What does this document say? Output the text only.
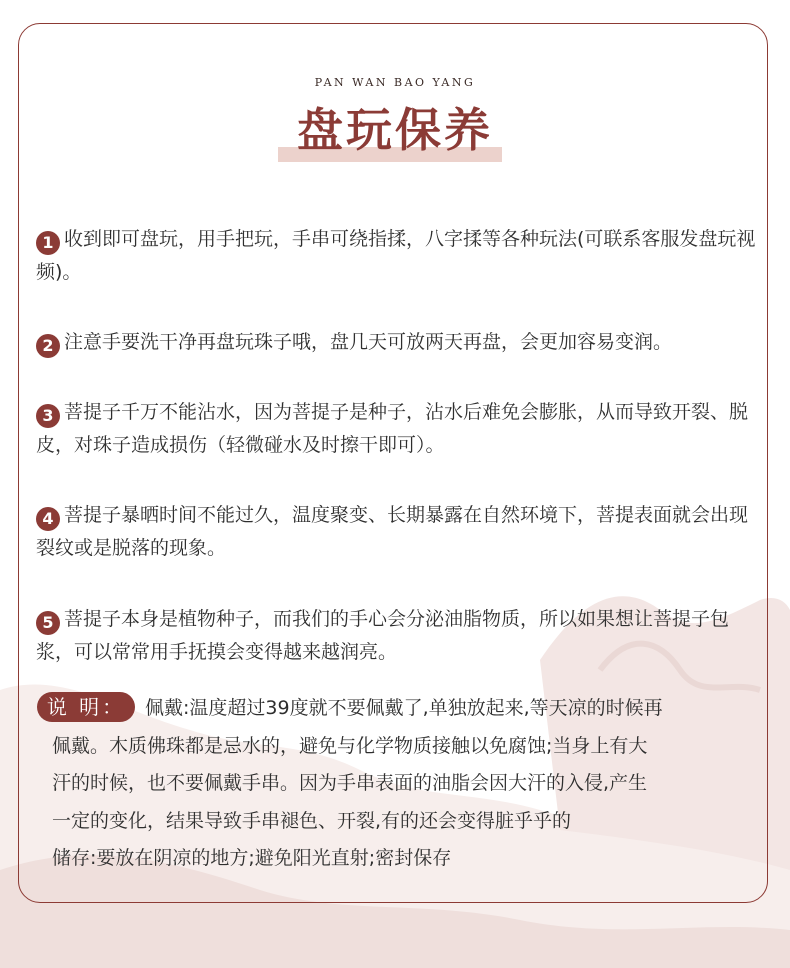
PAN WAN BAO YANG
盘玩保养
1 收到即可盘玩，用手把玩，手串可绕指揉，八字揉等各种玩法(可联系客服发盘玩视频)。
2 注意手要洗干净再盘玩珠子哦，盘几天可放两天再盘，会更加容易变润。
3 菩提子千万不能沾水，因为菩提子是种子，沾水后难免会膨胀，从而导致开裂、脱皮，对珠子造成损伤（轻微碰水及时擦干即可）。
4 菩提子暴晒时间不能过久，温度聚变、长期暴露在自然环境下，菩提表面就会出现裂纹或是脱落的现象。
5 菩提子本身是植物种子，而我们的手心会分泌油脂物质，所以如果想让菩提子包浆，可以常常用手抚摸会变得越来越润亮。
说 明：	佩戴:温度超过39度就不要佩戴了,单独放起来,等天凉的时候再
佩戴。木质佛珠都是忌水的，避免与化学物质接触以免腐蚀;当身上有大
汗的时候，也不要佩戴手串。因为手串表面的油脂会因大汗的入侵,产生
一定的变化，结果导致手串褪色、开裂,有的还会变得脏乎乎的
储存:要放在阴凉的地方;避免阳光直射;密封保存
